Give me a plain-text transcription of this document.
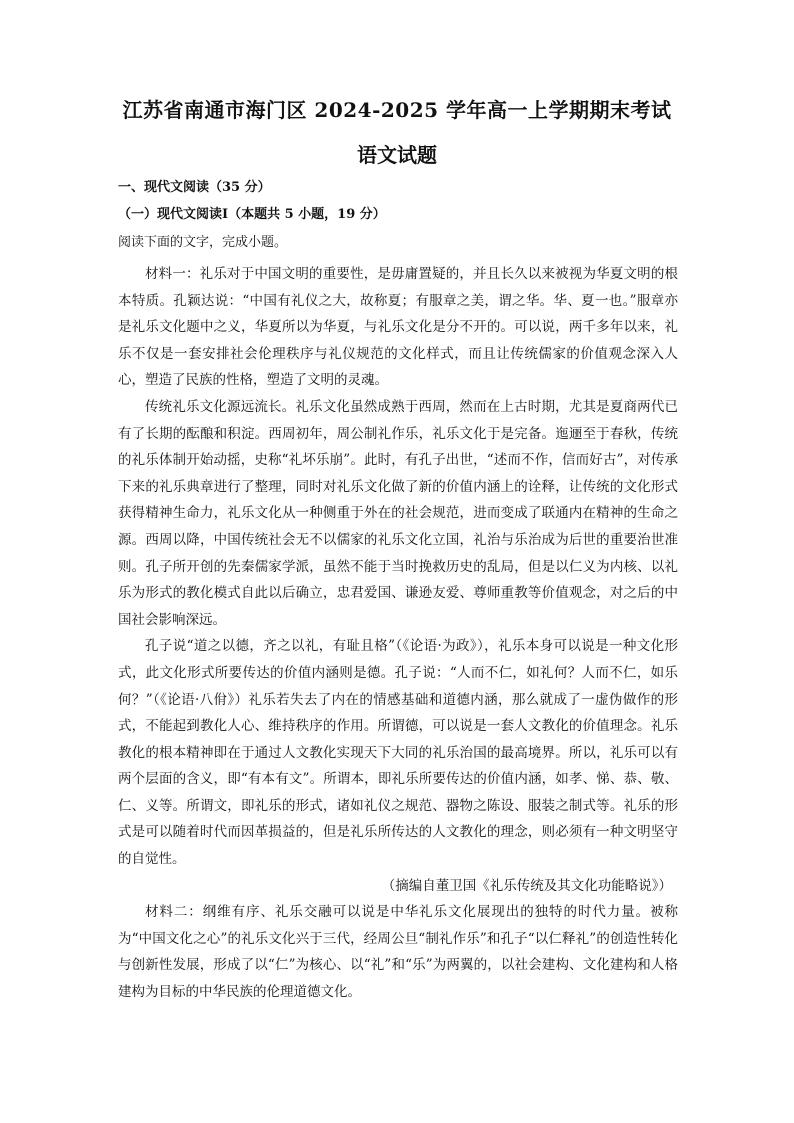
江苏省南通市海门区 2024-2025 学年高一上学期期末考试
语文试题
一、现代文阅读（35 分）
（一）现代文阅读Ⅰ（本题共 5 小题，19 分）
阅读下面的文字，完成小题。

材料一：礼乐对于中国文明的重要性，是毋庸置疑的，并且长久以来被视为华夏文明的根本特质。孔颖达说：“中国有礼仪之大，故称夏；有服章之美，谓之华。华、夏一也。”服章亦是礼乐文化题中之义，华夏所以为华夏，与礼乐文化是分不开的。可以说，两千多年以来，礼乐不仅是一套安排社会伦理秩序与礼仪规范的文化样式，而且让传统儒家的价值观念深入人心，塑造了民族的性格，塑造了文明的灵魂。

传统礼乐文化源远流长。礼乐文化虽然成熟于西周，然而在上古时期，尤其是夏商两代已有了长期的酝酿和积淀。西周初年，周公制礼作乐，礼乐文化于是完备。迤逦至于春秋，传统的礼乐体制开始动摇，史称“礼坏乐崩”。此时，有孔子出世，“述而不作，信而好古”，对传承下来的礼乐典章进行了整理，同时对礼乐文化做了新的价值内涵上的诠释，让传统的文化形式获得精神生命力，礼乐文化从一种侧重于外在的社会规范，进而变成了联通内在精神的生命之源。西周以降，中国传统社会无不以儒家的礼乐文化立国，礼治与乐治成为后世的重要治世准则。孔子所开创的先秦儒家学派，虽然不能于当时挽救历史的乱局，但是以仁义为内核、以礼乐为形式的教化模式自此以后确立，忠君爱国、谦逊友爱、尊师重教等价值观念，对之后的中国社会影响深远。

孔子说“道之以德，齐之以礼，有耻且格”（《论语·为政》），礼乐本身可以说是一种文化形式，此文化形式所要传达的价值内涵则是德。孔子说：“人而不仁，如礼何？人而不仁，如乐何？”（《论语·八佾》）礼乐若失去了内在的情感基础和道德内涵，那么就成了一虚伪做作的形式，不能起到教化人心、维持秩序的作用。所谓德，可以说是一套人文教化的价值理念。礼乐教化的根本精神即在于通过人文教化实现天下大同的礼乐治国的最高境界。所以，礼乐可以有两个层面的含义，即“有本有文”。所谓本，即礼乐所要传达的价值内涵，如孝、悌、恭、敬、仁、义等。所谓文，即礼乐的形式，诸如礼仪之规范、器物之陈设、服装之制式等。礼乐的形式是可以随着时代而因革损益的，但是礼乐所传达的人文教化的理念，则必须有一种文明坚守的自觉性。

（摘编自董卫国《礼乐传统及其文化功能略说》）

材料二：纲维有序、礼乐交融可以说是中华礼乐文化展现出的独特的时代力量。被称为“中国文化之心”的礼乐文化兴于三代，经周公旦“制礼作乐”和孔子“以仁释礼”的创造性转化与创新性发展，形成了以“仁”为核心、以“礼”和“乐”为两翼的，以社会建构、文化建构和人格建构为目标的中华民族的伦理道德文化。
